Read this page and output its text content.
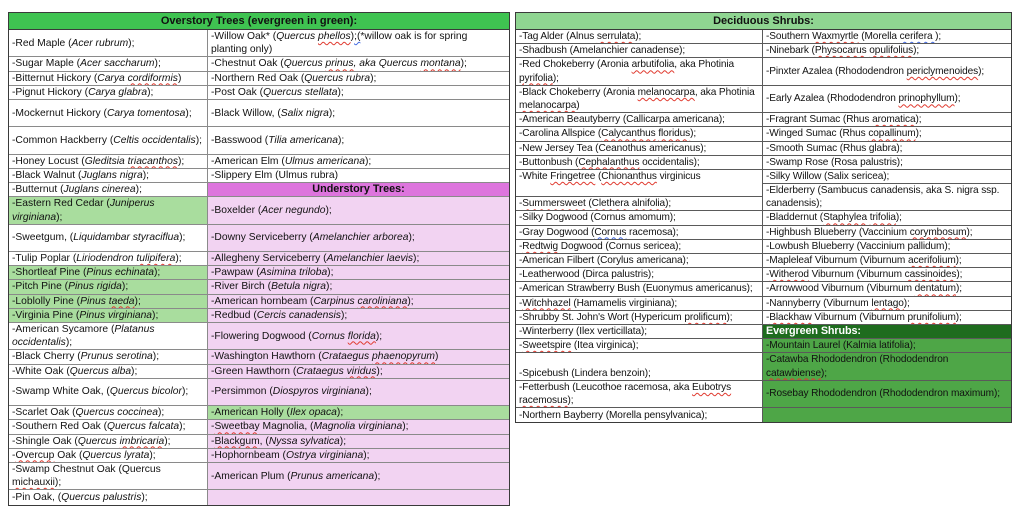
Overstory Trees (evergreen in green):
-Red Maple (Acer rubrum);
-Sugar Maple (Acer saccharum);
-Bitternut Hickory (Carya cordiformis)
-Pignut Hickory (Carya glabra);
-Mockernut Hickory (Carya tomentosa);
-Common Hackberry (Celtis occidentalis);
-Honey Locust (Gleditsia triacanthos);
-Black Walnut (Juglans nigra);
-Butternut (Juglans cinerea);
-Eastern Red Cedar (Juniperus virginiana);
-Sweetgum, (Liquidambar styraciflua);
-Tulip Poplar (Liriodendron tulipifera);
-Shortleaf Pine (Pinus echinata);
-Pitch Pine (Pinus rigida);
-Loblolly Pine (Pinus taeda);
-Virginia Pine (Pinus virginiana);
-American Sycamore (Platanus occidentalis);
-Black Cherry (Prunus serotina);
-White Oak (Quercus alba);
-Swamp White Oak, (Quercus bicolor);
-Scarlet Oak (Quercus coccinea);
-Southern Red Oak (Quercus falcata);
-Shingle Oak (Quercus imbricaria);
-Overcup Oak (Quercus lyrata);
-Swamp Chestnut Oak (Quercus michauxii);
-Pin Oak, (Quercus palustris);
-Willow Oak* (Quercus phellos);(*willow oak is for spring planting only)
-Chestnut Oak (Quercus prinus, aka Quercus montana);
-Northern Red Oak (Quercus rubra);
-Post Oak (Quercus stellata);
-Black Willow, (Salix nigra);
-Basswood (Tilia americana);
-American Elm (Ulmus americana);
-Slippery Elm (Ulmus rubra)
Understory Trees:
-Boxelder (Acer negundo);
-Downy Serviceberry (Amelanchier arborea);
-Allegheny Serviceberry (Amelanchier laevis);
-Pawpaw (Asimina triloba);
-River Birch (Betula nigra);
-American hornbeam (Carpinus caroliniana);
-Redbud (Cercis canadensis);
-Flowering Dogwood (Cornus florida);
-Washington Hawthorn (Crataegus phaenopyrum)
-Green Hawthorn (Crataegus viridus);
-Persimmon (Diospyros virginiana);
-American Holly (Ilex opaca);
-Sweetbay Magnolia, (Magnolia virginiana);
-Blackgum, (Nyssa sylvatica);
-Hophornbeam (Ostrya virginiana);
-American Plum (Prunus americana);
Deciduous Shrubs:
-Tag Alder (Alnus serrulata);
-Shadbush (Amelanchier canadense);
-Red Chokeberry (Aronia arbutifolia, aka Photinia pyrifolia);
-Black Chokeberry (Aronia melanocarpa, aka Photinia melanocarpa)
-American Beautyberry (Callicarpa americana);
-Carolina Allspice (Calycanthus floridus);
-New Jersey Tea (Ceanothus americanus);
-Buttonbush (Cephalanthus occidentalis);
-White Fringetree (Chionanthus virginicus
-Summersweet (Clethera alnifolia);
-Silky Dogwood (Cornus amomum);
-Gray Dogwood (Cornus racemosa);
-Redtwig Dogwood (Cornus sericea);
-American Filbert (Corylus americana);
-Leatherwood (Dirca palustris);
-American Strawberry Bush (Euonymus americanus);
-Witchhazel (Hamamelis virginiana);
-Shrubby St. John's Wort (Hypericum prolificum);
-Winterberry (Ilex verticillata);
-Sweetspire (Itea virginica);
-Spicebush (Lindera benzoin);
-Fetterbush (Leucothoe racemosa, aka Eubotrys racemosus);
-Northern Bayberry (Morella pensylvanica);
-Southern Waxmyrtle (Morella cerifera );
-Ninebark (Physocarus opulifolius);
-Pinxter Azalea (Rhododendron periclymenoides);
-Early Azalea (Rhododendron prinophyllum);
-Fragrant Sumac (Rhus aromatica);
-Winged Sumac (Rhus copallinum);
-Smooth Sumac (Rhus glabra);
-Swamp Rose (Rosa palustris);
-Silky Willow (Salix sericea);
-Elderberry (Sambucus canadensis, aka S. nigra ssp. canadensis);
-Bladdernut (Staphylea trifolia);
-Highbush Blueberry (Vaccinium corymbosum);
-Lowbush Blueberry (Vaccinium pallidum);
-Mapleleaf Viburnum (Viburnum acerifolium);
-Witherod Viburnum (Viburnum cassinoides);
-Arrowwood Viburnum (Viburnum dentatum);
-Nannyberry (Viburnum lentago);
-Blackhaw Viburnum (Viburnum prunifolium);
Evergreen Shrubs:
-Mountain Laurel (Kalmia latifolia);
-Catawba Rhododendron (Rhododendron catawbiense);
-Rosebay Rhododendron (Rhododendron maximum);
